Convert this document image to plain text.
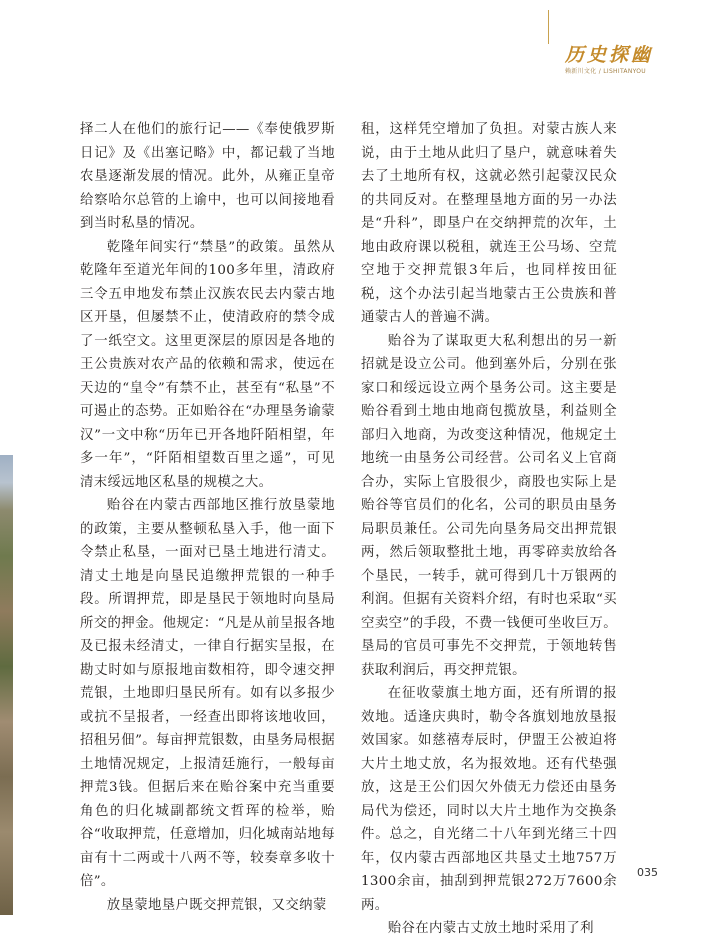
历史探幽
赖新川文化 / LISHITANYOU

择二人在他们的旅行记——《奉使俄罗斯日记》及《出塞记略》中，都记载了当地农垦逐渐发展的情况。此外，从雍正皇帝给察哈尔总管的上谕中，也可以间接地看到当时私垦的情况。

乾隆年间实行“禁垦”的政策。虽然从乾隆年至道光年间的100多年里，清政府三令五申地发布禁止汉族农民去内蒙古地区开垦，但屡禁不止，使清政府的禁令成了一纸空文。这里更深层的原因是各地的王公贵族对农产品的依赖和需求，使远在天边的“皇令”有禁不止，甚至有“私垦”不可遏止的态势。正如贻谷在“办理垦务谕蒙汉”一文中称“历年已开各地阡陌相望，年多一年”，“阡陌相望数百里之遥”，可见清末绥远地区私垦的规模之大。

贻谷在内蒙古西部地区推行放垦蒙地的政策，主要从整顿私垦入手，他一面下令禁止私垦，一面对已垦土地进行清丈。清丈土地是向垦民追缴押荒银的一种手段。所谓押荒，即是垦民于领地时向垦局所交的押金。他规定：“凡是从前呈报各地及已报未经清丈，一律自行据实呈报，在勘丈时如与原报地亩数相符，即令速交押荒银，土地即归垦民所有。如有以多报少或抗不呈报者，一经查出即将该地收回，招租另佃”。每亩押荒银数，由垦务局根据土地情况规定，上报清廷施行，一般每亩押荒3钱。但据后来在贻谷案中充当重要角色的归化城副都统文哲珲的检举，贻谷“收取押荒，任意增加，归化城南站地每亩有十二两或十八两不等，较奏章多收十倍”。

放垦蒙地垦户既交押荒银，又交纳蒙

租，这样凭空增加了负担。对蒙古族人来说，由于土地从此归了垦户，就意味着失去了土地所有权，这就必然引起蒙汉民众的共同反对。在整理垦地方面的另一办法是“升科”，即垦户在交纳押荒的次年，土地由政府课以税租，就连王公马场、空荒空地于交押荒银3年后，也同样按田征税，这个办法引起当地蒙古王公贵族和普通蒙古人的普遍不满。

贻谷为了谋取更大私利想出的另一新招就是设立公司。他到塞外后，分别在张家口和绥远设立两个垦务公司。这主要是贻谷看到土地由地商包揽放垦，利益则全部归入地商，为改变这种情况，他规定土地统一由垦务公司经营。公司名义上官商合办，实际上官股很少，商股也实际上是贻谷等官员们的化名，公司的职员由垦务局职员兼任。公司先向垦务局交出押荒银两，然后领取整批土地，再零碎卖放给各个垦民，一转手，就可得到几十万银两的利润。但据有关资料介绍，有时也采取“买空卖空”的手段，不费一钱便可坐收巨万。垦局的官员可事先不交押荒，于领地转售获取利润后，再交押荒银。

在征收蒙旗土地方面，还有所谓的报效地。适逢庆典时，勒令各旗划地放垦报效国家。如慈禧寿辰时，伊盟王公被迫将大片土地丈放，名为报效地。还有代垫强放，这是王公们因欠外债无力偿还由垦务局代为偿还，同时以大片土地作为交换条件。总之，自光绪二十八年到光绪三十四年，仅内蒙古西部地区共垦丈土地757万1300余亩，抽刮到押荒银272万7600余两。

贻谷在内蒙古丈放土地时采用了利

035
